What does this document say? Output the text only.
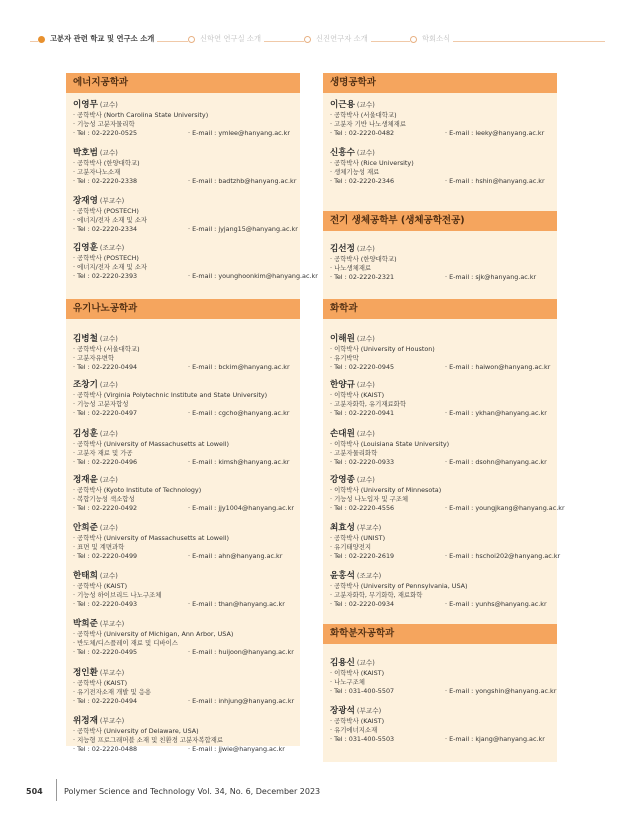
고분자 관련 학교 및 연구소 소개	신학연 연구실 소개	신진연구자 소개	학회소식
에너지공학과
이영무 (교수)
· 공학박사 (North Carolina State University)
· 기능성 고분자물리학
· Tel : 02-2220-0525	· E-mail : ymlee@hanyang.ac.kr
박호범 (교수)
· 공학박사 (한양대학교)
· 고분자나노소재
· Tel : 02-2220-2338	· E-mail : badtzhb@hanyang.ac.kr
장재영 (부교수)
· 공학박사 (POSTECH)
· 에너지/전자 소재 및 소자
· Tel : 02-2220-2334	· E-mail : jyjang15@hanyang.ac.kr
김영훈 (조교수)
· 공학박사 (POSTECH)
· 에너지/전자 소재 및 소자
· Tel : 02-2220-2393	· E-mail : younghoonkim@hanyang.ac.kr
유기나노공학과
김병철 (교수)
· 공학박사 (서울대학교)
· 고분자유변학
· Tel : 02-2220-0494	· E-mail : bckim@hanyang.ac.kr
조창기 (교수)
· 공학박사 (Virginia Polytechnic Institute and State University)
· 기능성 고분자합성
· Tel : 02-2220-0497	· E-mail : cgcho@hanyang.ac.kr
김성훈 (교수)
· 공학박사 (University of Massachusetts at Lowell)
· 고분자 재료 및 가공
· Tel : 02-2220-0496	· E-mail : kimsh@hanyang.ac.kr
정재윤 (교수)
· 공학박사 (Kyoto Institute of Technology)
· 복합기능성 색소합성
· Tel : 02-2220-0492	· E-mail : jjy1004@hanyang.ac.kr
안희준 (교수)
· 공학박사 (University of Massachusetts at Lowell)
· 표면 및 계면과학
· Tel : 02-2220-0499	· E-mail : ahn@hanyang.ac.kr
한태희 (교수)
· 공학박사 (KAIST)
· 기능성 하이브리드 나노구조체
· Tel : 02-2220-0493	· E-mail : than@hanyang.ac.kr
박희준 (부교수)
· 공학박사 (University of Michigan, Ann Arbor, USA)
· 반도체/디스플레이 재료 및 디바이스
· Tel : 02-2220-0495	· E-mail : huijoon@hanyang.ac.kr
정인환 (부교수)
· 공학박사 (KAIST)
· 유기전자소재 개발 및 응용
· Tel : 02-2220-0494	· E-mail : inhjung@hanyang.ac.kr
위정재 (부교수)
· 공학박사 (University of Delaware, USA)
· 지능형 프로그래머블 소재 및 친환경 고분자복합재료
· Tel : 02-2220-0488	· E-mail : jjwie@hanyang.ac.kr
생명공학과
이근용 (교수)
· 공학박사 (서울대학교)
· 고분자 기반 나노생체재료
· Tel : 02-2220-0482	· E-mail : leeky@hanyang.ac.kr
신흥수 (교수)
· 공학박사 (Rice University)
· 생체기능성 재료
· Tel : 02-2220-2346	· E-mail : hshin@hanyang.ac.kr
전기 생체공학부 (생체공학전공)
김선정 (교수)
· 공학박사 (한양대학교)
· 나노생체재료
· Tel : 02-2220-2321	· E-mail : sjk@hanyang.ac.kr
화학과
이해원 (교수)
· 이학박사 (University of Houston)
· 유기박막
· Tel : 02-2220-0945	· E-mail : haiwon@hanyang.ac.kr
한양규 (교수)
· 이학박사 (KAIST)
· 고분자화학, 유기재료화학
· Tel : 02-2220-0941	· E-mail : ykhan@hanyang.ac.kr
손대원 (교수)
· 이학박사 (Louisiana State University)
· 고분자물리화학
· Tel : 02-2220-0933	· E-mail : dsohn@hanyang.ac.kr
강영종 (교수)
· 이학박사 (University of Minnesota)
· 기능성 나노입자 및 구조체
· Tel : 02-2220-4556	· E-mail : youngjkang@hanyang.ac.kr
최효성 (부교수)
· 공학박사 (UNIST)
· 유기태양전지
· Tel : 02-2220-2619	· E-mail : hschoi202@hanyang.ac.kr
윤홍석 (조교수)
· 공학박사 (University of Pennsylvania, USA)
· 고분자화학, 무기화학, 재료화학
· Tel : 02-2220-0934	· E-mail : yunhs@hanyang.ac.kr
화학분자공학과
김용신 (교수)
· 이학박사 (KAIST)
· 나노구조체
· Tel : 031-400-5507	· E-mail : yongshin@hanyang.ac.kr
장광석 (부교수)
· 공학박사 (KAIST)
· 유기에너지소재
· Tel : 031-400-5503	· E-mail : kjang@hanyang.ac.kr
504	Polymer Science and Technology Vol. 34, No. 6, December 2023
